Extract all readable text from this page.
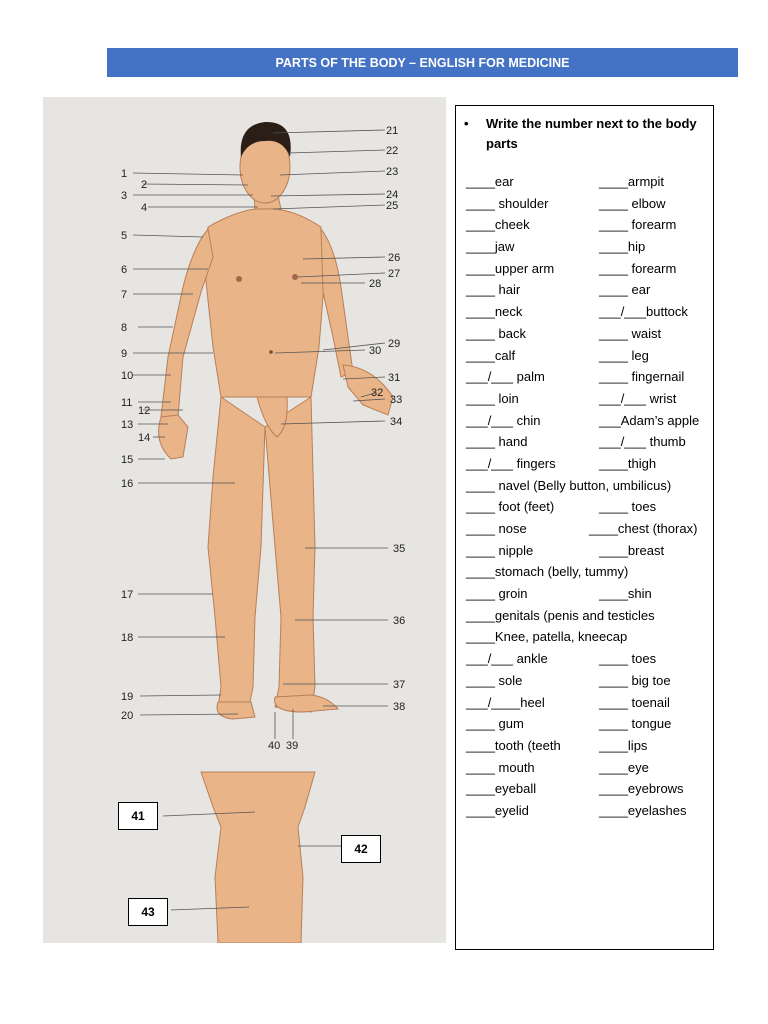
PARTS OF THE BODY – ENGLISH FOR MEDICINE
1
2
3
4
5
6
7
8
9
10
11
12
13
14
15
16
17
18
19
20
21
22
23
24
25
26
27
28
29
30
31
32
33
34
35
36
37
38
40 39
41
42
43
• Write the number next to the body parts
____ear
____ shoulder
____cheek
____jaw
____upper arm
____ hair
____neck
____ back
____calf
___/___ palm
____ loin
___/___ chin
____ hand
___/___ fingers
____ navel (Belly button, umbilicus)
____ foot (feet)
____ nose
____ nipple
____stomach (belly, tummy)
____ groin
____genitals (penis and testicles
____Knee, patella, kneecap
___/___ ankle
____ sole
___/____heel
____ gum
____tooth (teeth
____ mouth
____eyeball
____eyelid
____armpit
____ elbow
____ forearm
____hip
____ forearm
____ ear
___/___buttock
____ waist
____ leg
____ fingernail
___/___ wrist
___Adam’s apple
___/___ thumb
____thigh
____ toes
____chest (thorax)
____breast
____shin
____ toes
____ big toe
____ toenail
____ tongue
____lips
____eye
____eyebrows
____eyelashes
